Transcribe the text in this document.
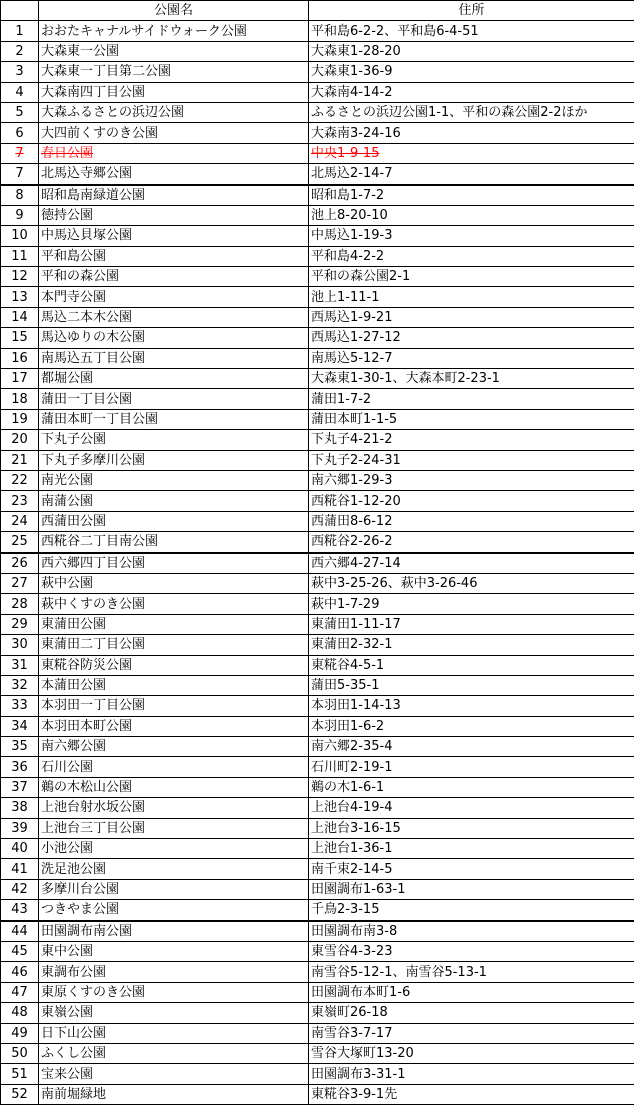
	公園名	住所
1	おおたキャナルサイドウォーク公園	平和島6-2-2、平和島6-4-51
2	大森東一公園	大森東1-28-20
3	大森東一丁目第二公園	大森東1-36-9
4	大森南四丁目公園	大森南4-14-2
5	大森ふるさとの浜辺公園	ふるさとの浜辺公園1-1、平和の森公園2-2ほか
6	大四前くすのき公園	大森南3-24-16
7	春日公園	中央1-9-15
7	北馬込寺郷公園	北馬込2-14-7
8	昭和島南緑道公園	昭和島1-7-2
9	徳持公園	池上8-20-10
10	中馬込貝塚公園	中馬込1-19-3
11	平和島公園	平和島4-2-2
12	平和の森公園	平和の森公園2-1
13	本門寺公園	池上1-11-1
14	馬込二本木公園	西馬込1-9-21
15	馬込ゆりの木公園	西馬込1-27-12
16	南馬込五丁目公園	南馬込5-12-7
17	都堀公園	大森東1-30-1、大森本町2-23-1
18	蒲田一丁目公園	蒲田1-7-2
19	蒲田本町一丁目公園	蒲田本町1-1-5
20	下丸子公園	下丸子4-21-2
21	下丸子多摩川公園	下丸子2-24-31
22	南光公園	南六郷1-29-3
23	南蒲公園	西糀谷1-12-20
24	西蒲田公園	西蒲田8-6-12
25	西糀谷二丁目南公園	西糀谷2-26-2
26	西六郷四丁目公園	西六郷4-27-14
27	萩中公園	萩中3-25-26、萩中3-26-46
28	萩中くすのき公園	萩中1-7-29
29	東蒲田公園	東蒲田1-11-17
30	東蒲田二丁目公園	東蒲田2-32-1
31	東糀谷防災公園	東糀谷4-5-1
32	本蒲田公園	蒲田5-35-1
33	本羽田一丁目公園	本羽田1-14-13
34	本羽田本町公園	本羽田1-6-2
35	南六郷公園	南六郷2-35-4
36	石川公園	石川町2-19-1
37	鵜の木松山公園	鵜の木1-6-1
38	上池台射水坂公園	上池台4-19-4
39	上池台三丁目公園	上池台3-16-15
40	小池公園	上池台1-36-1
41	洗足池公園	南千束2-14-5
42	多摩川台公園	田園調布1-63-1
43	つきやま公園	千鳥2-3-15
44	田園調布南公園	田園調布南3-8
45	東中公園	東雪谷4-3-23
46	東調布公園	南雪谷5-12-1、南雪谷5-13-1
47	東原くすのき公園	田園調布本町1-6
48	東嶺公園	東嶺町26-18
49	日下山公園	南雪谷3-7-17
50	ふくし公園	雪谷大塚町13-20
51	宝来公園	田園調布3-31-1
52	南前堀緑地	東糀谷3-9-1先
